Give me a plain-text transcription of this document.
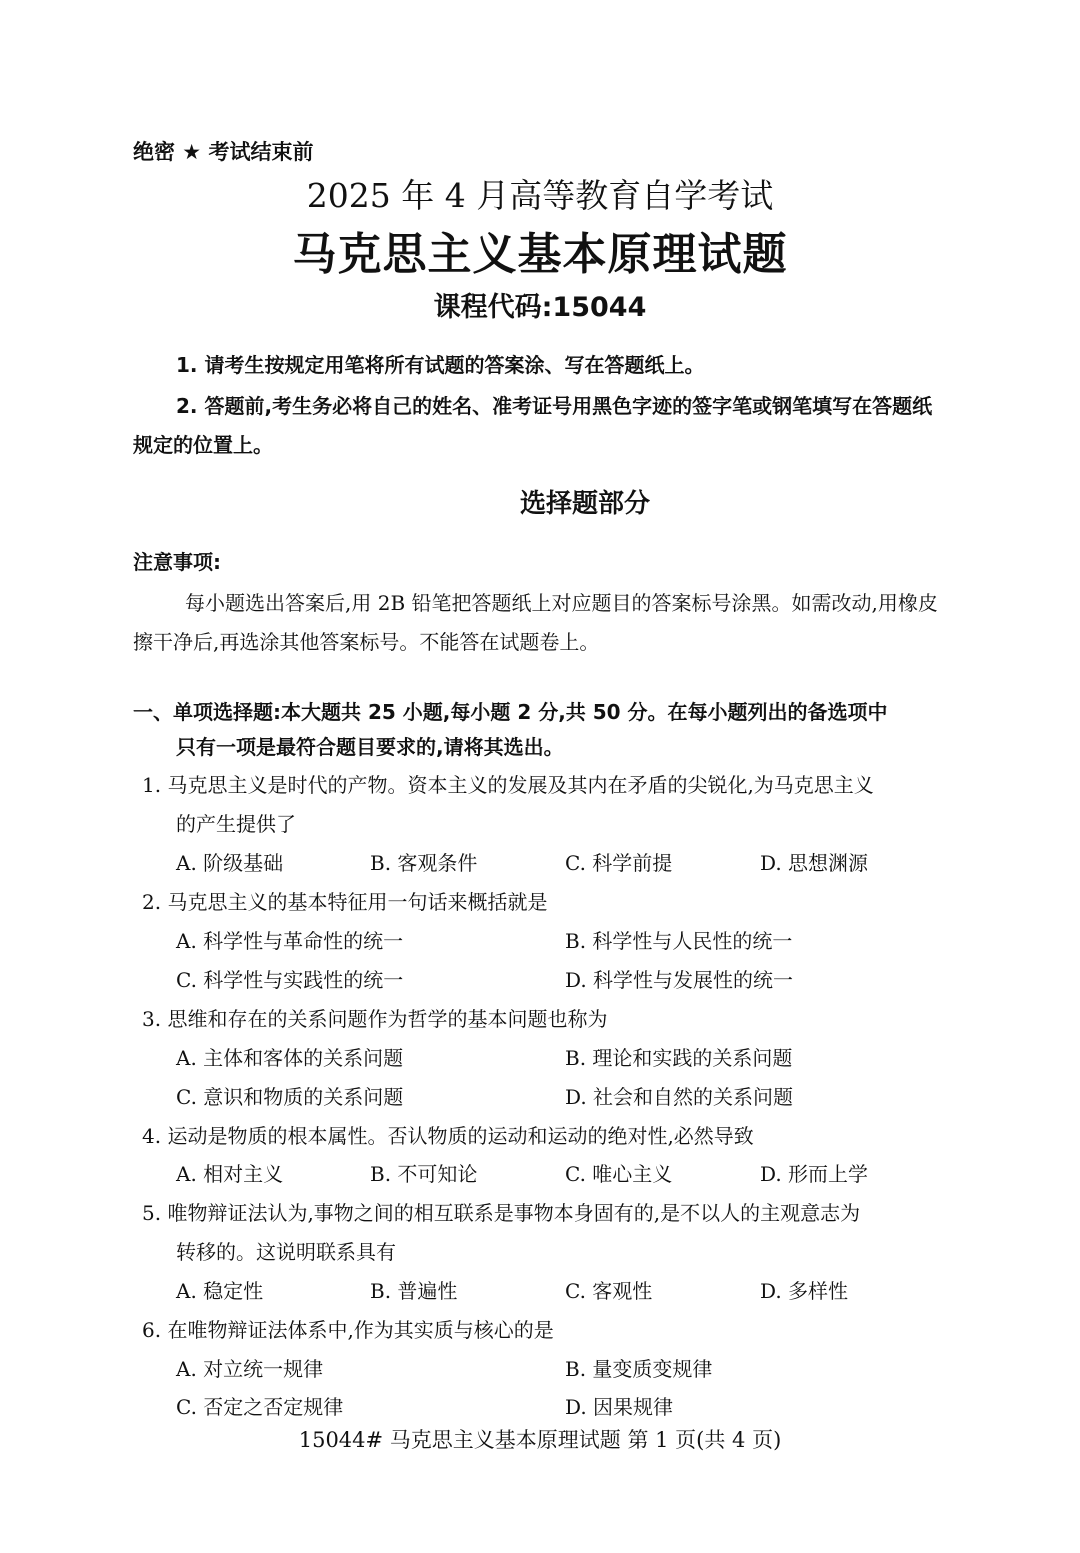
绝密 ★ 考试结束前
2025 年 4 月高等教育自学考试
马克思主义基本原理试题
课程代码:15044
1. 请考生按规定用笔将所有试题的答案涂、写在答题纸上。
2. 答题前,考生务必将自己的姓名、准考证号用黑色字迹的签字笔或钢笔填写在答题纸
规定的位置上。
选择题部分
注意事项:
每小题选出答案后,用 2B 铅笔把答题纸上对应题目的答案标号涂黑。如需改动,用橡皮
擦干净后,再选涂其他答案标号。不能答在试题卷上。
一、单项选择题:本大题共 25 小题,每小题 2 分,共 50 分。在每小题列出的备选项中
只有一项是最符合题目要求的,请将其选出。
1. 马克思主义是时代的产物。资本主义的发展及其内在矛盾的尖锐化,为马克思主义
的产生提供了
A. 阶级基础	B. 客观条件	C. 科学前提	D. 思想渊源
2. 马克思主义的基本特征用一句话来概括就是
A. 科学性与革命性的统一	B. 科学性与人民性的统一
C. 科学性与实践性的统一	D. 科学性与发展性的统一
3. 思维和存在的关系问题作为哲学的基本问题也称为
A. 主体和客体的关系问题	B. 理论和实践的关系问题
C. 意识和物质的关系问题	D. 社会和自然的关系问题
4. 运动是物质的根本属性。否认物质的运动和运动的绝对性,必然导致
A. 相对主义	B. 不可知论	C. 唯心主义	D. 形而上学
5. 唯物辩证法认为,事物之间的相互联系是事物本身固有的,是不以人的主观意志为
转移的。这说明联系具有
A. 稳定性	B. 普遍性	C. 客观性	D. 多样性
6. 在唯物辩证法体系中,作为其实质与核心的是
A. 对立统一规律	B. 量变质变规律
C. 否定之否定规律	D. 因果规律
15044# 马克思主义基本原理试题 第 1 页(共 4 页)
